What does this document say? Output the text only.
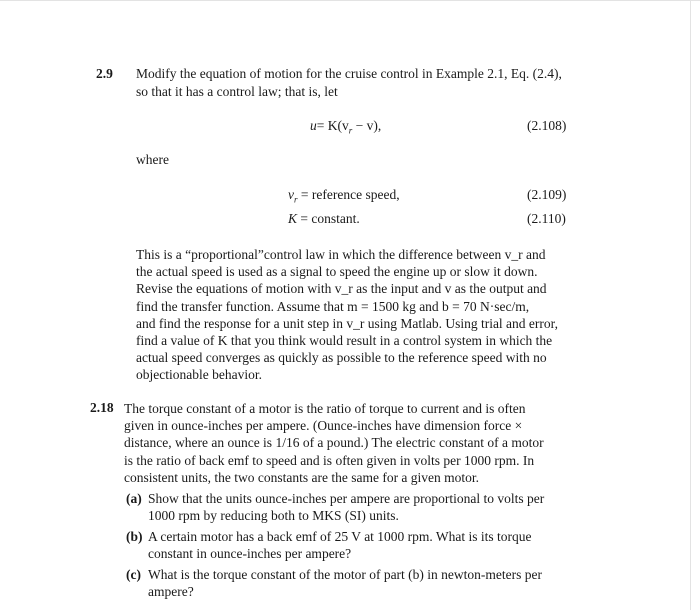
2.9 Modify the equation of motion for the cruise control in Example 2.1, Eq. (2.4),
so that it has a control law; that is, let
$u= K(v_r - v)$,	(2.108)
where
$v_r$ = reference speed,	(2.109)
K = constant.	(2.110)
This is a “proportional”control law in which the difference between v_r and
the actual speed is used as a signal to speed the engine up or slow it down.
Revise the equations of motion with v_r as the input and v as the output and
find the transfer function. Assume that m = 1500 kg and b = 70 N·sec/m,
and find the response for a unit step in v_r using Matlab. Using trial and error,
find a value of K that you think would result in a control system in which the
actual speed converges as quickly as possible to the reference speed with no
objectionable behavior.
2.18 The torque constant of a motor is the ratio of torque to current and is often
given in ounce-inches per ampere. (Ounce-inches have dimension force ×
distance, where an ounce is 1/16 of a pound.) The electric constant of a motor
is the ratio of back emf to speed and is often given in volts per 1000 rpm. In
consistent units, the two constants are the same for a given motor.
(a) Show that the units ounce-inches per ampere are proportional to volts per
1000 rpm by reducing both to MKS (SI) units.
(b) A certain motor has a back emf of 25 V at 1000 rpm. What is its torque
constant in ounce-inches per ampere?
(c) What is the torque constant of the motor of part (b) in newton-meters per
ampere?
